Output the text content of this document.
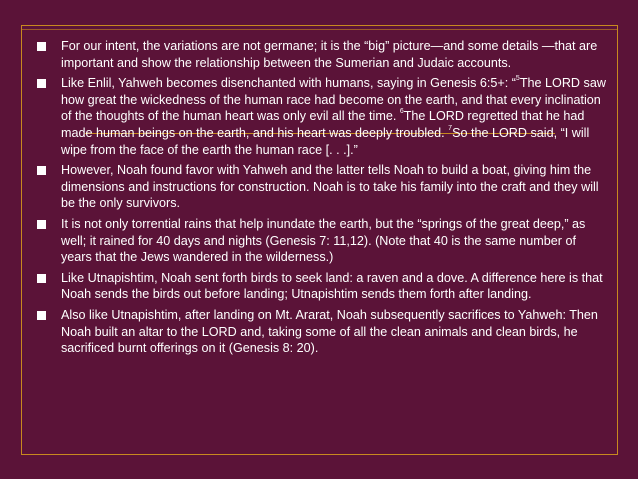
For our intent, the variations are not germane; it is the “big” picture—and some details —that are important and show the relationship between the Sumerian and Judaic accounts.
Like Enlil, Yahweh becomes disenchanted with humans, saying in Genesis 6:5+: “$^5$The LORD saw how great the wickedness of the human race had become on the earth, and that every inclination of the thoughts of the human heart was only evil all the time. $^6$The LORD regretted that he had made human beings on the earth, and his heart was deeply troubled. $^7$So the LORD said, “I will wipe from the face of the earth the human race [. . .].”
However, Noah found favor with Yahweh and the latter tells Noah to build a boat, giving him the dimensions and instructions for construction. Noah is to take his family into the craft and they will be the only survivors.
It is not only torrential rains that help inundate the earth, but the “springs of the great deep,” as well; it rained for 40 days and nights (Genesis 7: 11,12). (Note that 40 is the same number of years that the Jews wandered in the wilderness.)
Like Utnapishtim, Noah sent forth birds to seek land: a raven and a dove. A difference here is that Noah sends the birds out before landing; Utnapishtim sends them forth after landing.
Also like Utnapishtim, after landing on Mt. Ararat, Noah subsequently sacrifices to Yahweh: Then Noah built an altar to the LORD and, taking some of all the clean animals and clean birds, he sacrificed burnt offerings on it (Genesis 8: 20).
